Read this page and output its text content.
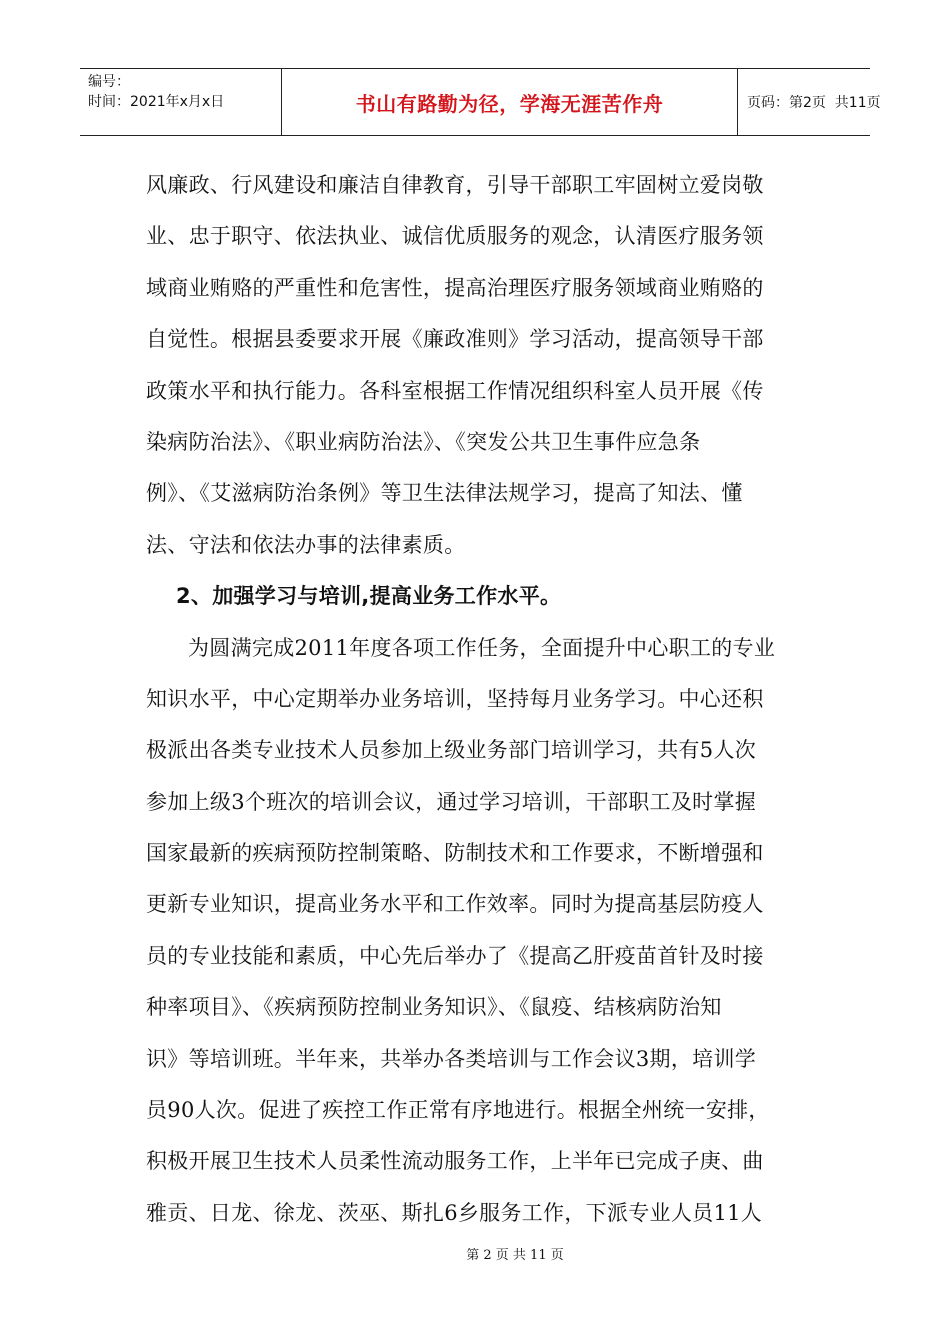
编号：
时间：2021年x月x日	书山有路勤为径，学海无涯苦作舟	页码：第2页  共11页
风廉政、行风建设和廉洁自律教育，引导干部职工牢固树立爱岗敬
业、忠于职守、依法执业、诚信优质服务的观念，认清医疗服务领
域商业贿赂的严重性和危害性，提高治理医疗服务领域商业贿赂的
自觉性。根据县委要求开展《廉政准则》学习活动，提高领导干部
政策水平和执行能力。各科室根据工作情况组织科室人员开展《传
染病防治法》、《职业病防治法》、《突发公共卫生事件应急条
例》、《艾滋病防治条例》等卫生法律法规学习，提高了知法、懂
法、守法和依法办事的法律素质。
2、加强学习与培训,提高业务工作水平。
为圆满完成2011年度各项工作任务，全面提升中心职工的专业
知识水平，中心定期举办业务培训，坚持每月业务学习。中心还积
极派出各类专业技术人员参加上级业务部门培训学习，共有5人次
参加上级3个班次的培训会议，通过学习培训，干部职工及时掌握
国家最新的疾病预防控制策略、防制技术和工作要求，不断增强和
更新专业知识，提高业务水平和工作效率。同时为提高基层防疫人
员的专业技能和素质，中心先后举办了《提高乙肝疫苗首针及时接
种率项目》、《疾病预防控制业务知识》、《鼠疫、结核病防治知
识》等培训班。半年来，共举办各类培训与工作会议3期，培训学
员90人次。促进了疾控工作正常有序地进行。根据全州统一安排，
积极开展卫生技术人员柔性流动服务工作，上半年已完成子庚、曲
雅贡、日龙、徐龙、茨巫、斯扎6乡服务工作，下派专业人员11人
第 2 页 共 11 页
